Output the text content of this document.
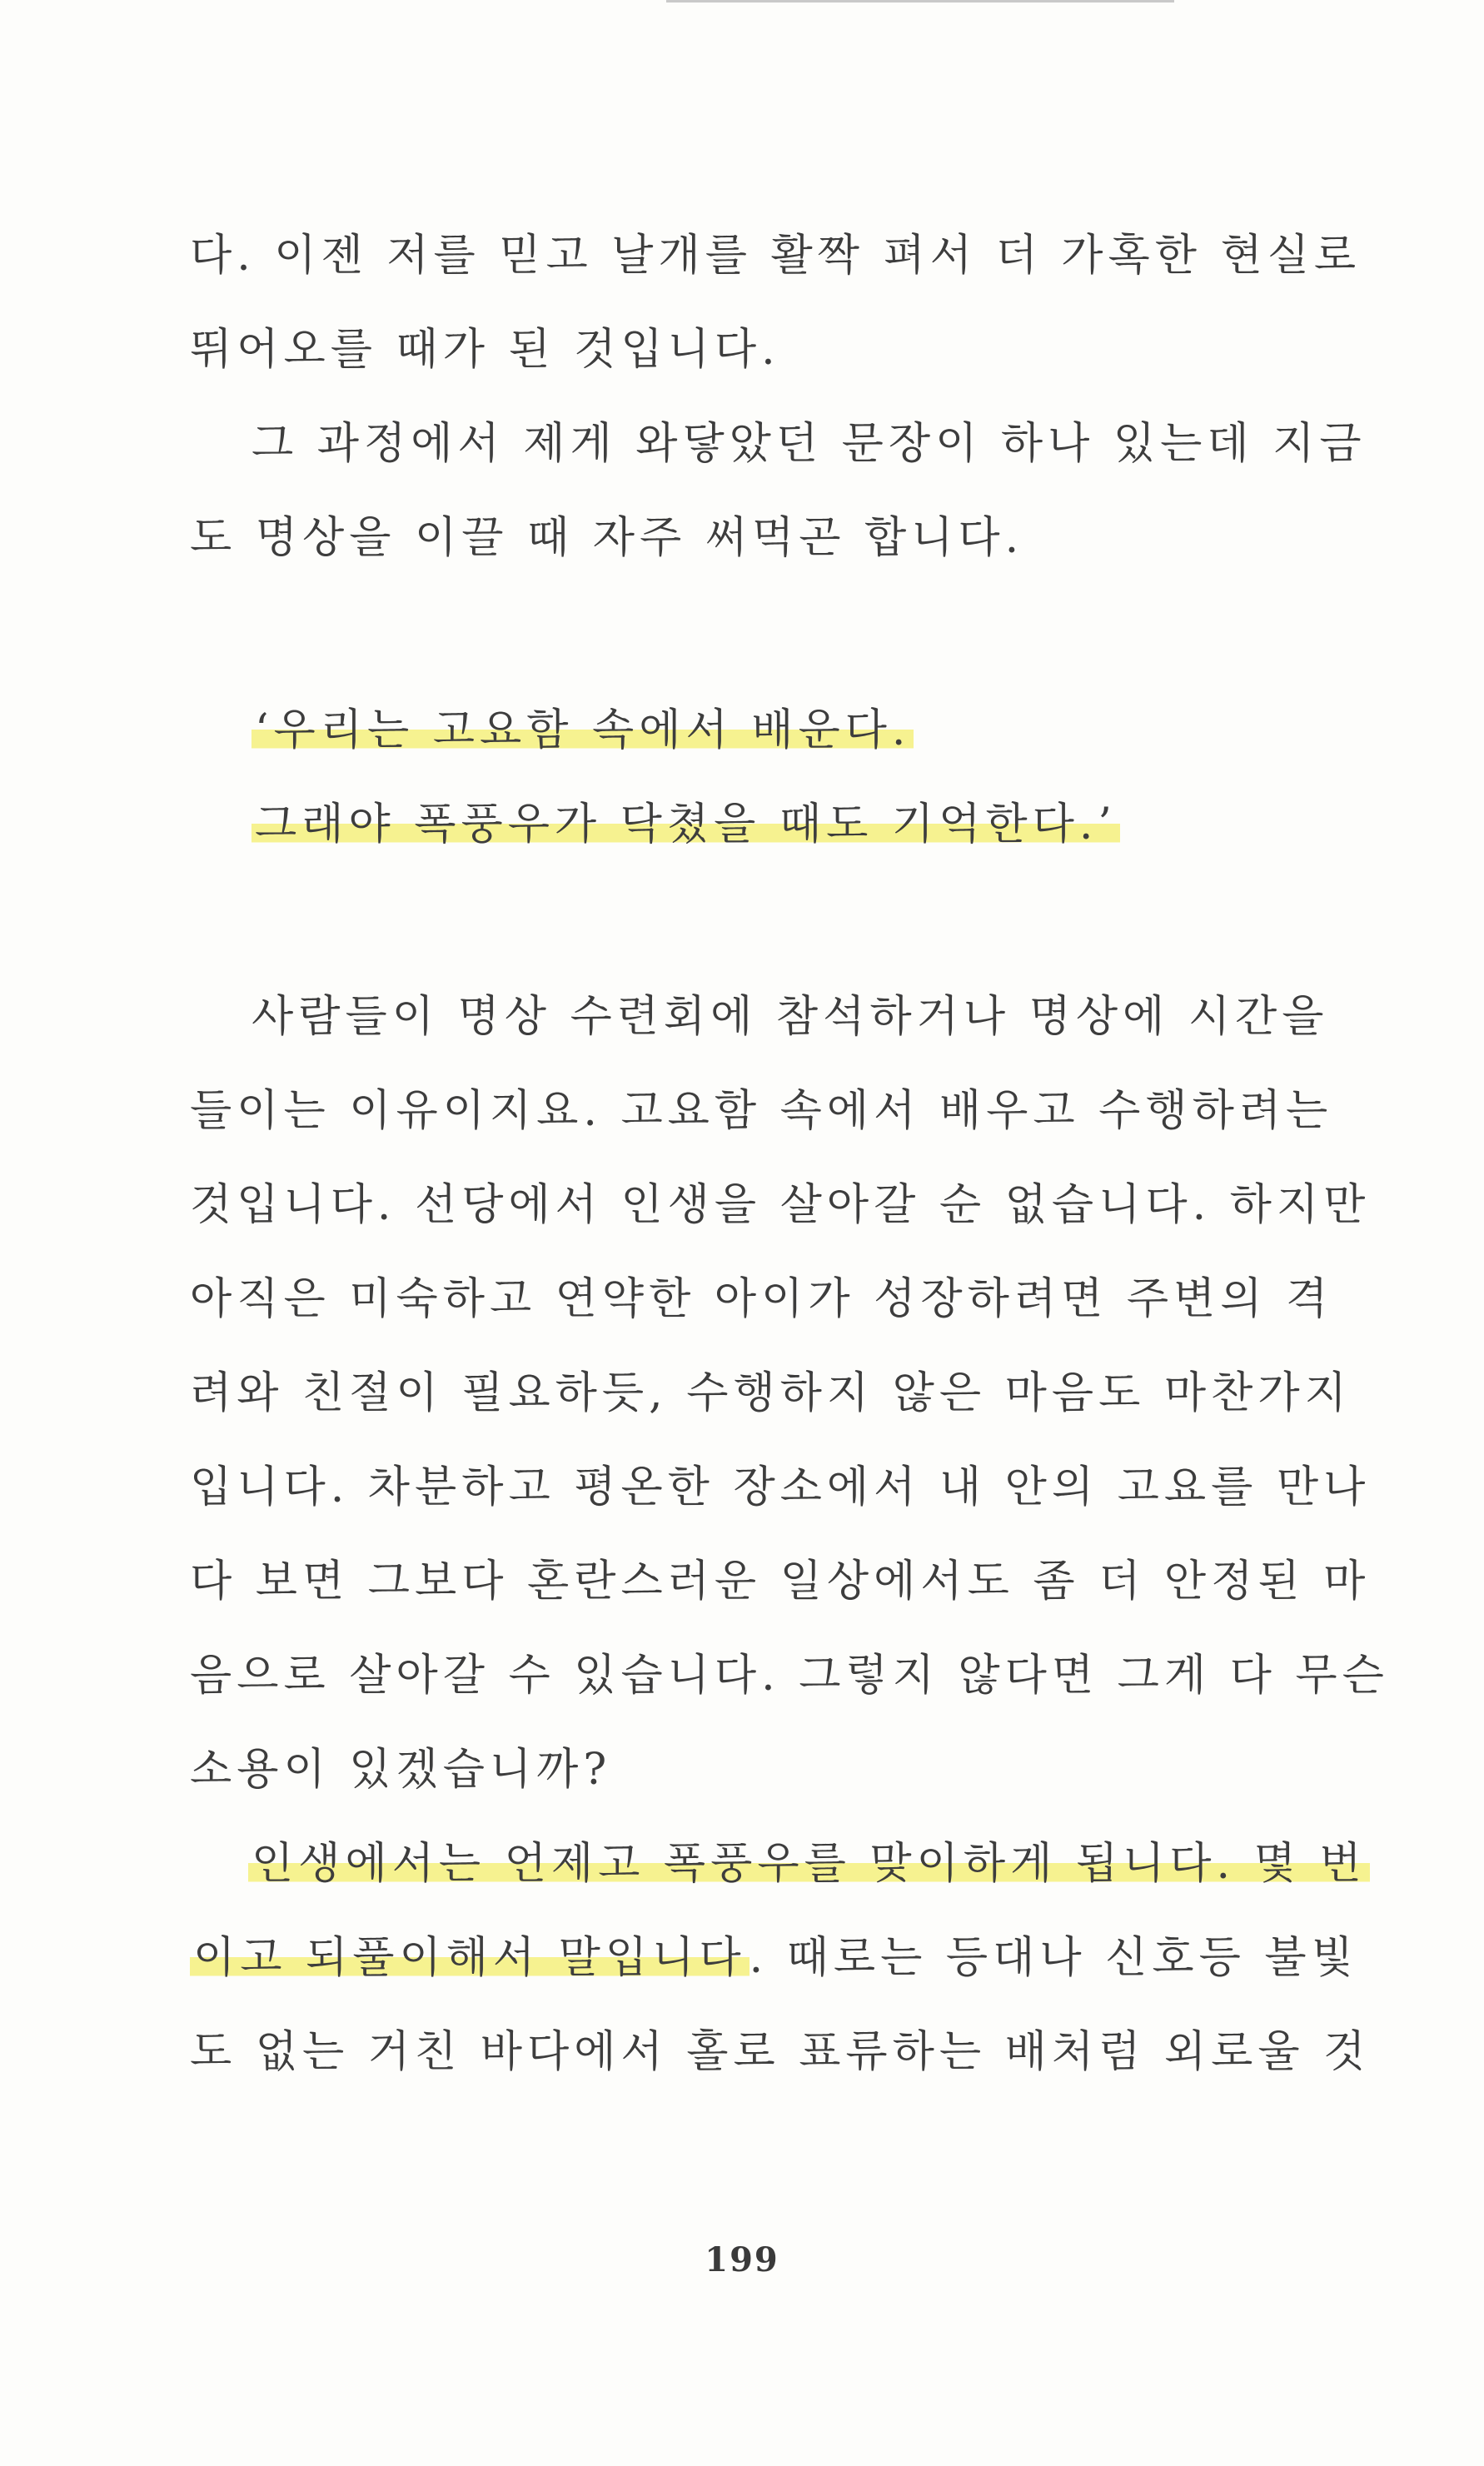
다. 이젠 저를 믿고 날개를 활짝 펴서 더 가혹한 현실로
뛰어오를 때가 된 것입니다.
그 과정에서 제게 와닿았던 문장이 하나 있는데 지금
도 명상을 이끌 때 자주 써먹곤 합니다.
‘우리는 고요함 속에서 배운다.
그래야 폭풍우가 닥쳤을 때도 기억한다.’
사람들이 명상 수련회에 참석하거나 명상에 시간을
들이는 이유이지요. 고요함 속에서 배우고 수행하려는
것입니다. 선당에서 인생을 살아갈 순 없습니다. 하지만
아직은 미숙하고 연약한 아이가 성장하려면 주변의 격
려와 친절이 필요하듯, 수행하지 않은 마음도 마찬가지
입니다. 차분하고 평온한 장소에서 내 안의 고요를 만나
다 보면 그보다 혼란스러운 일상에서도 좀 더 안정된 마
음으로 살아갈 수 있습니다. 그렇지 않다면 그게 다 무슨
소용이 있겠습니까?
인생에서는 언제고 폭풍우를 맞이하게 됩니다. 몇 번
이고 되풀이해서 말입니다. 때로는 등대나 신호등 불빛
도 없는 거친 바다에서 홀로 표류하는 배처럼 외로울 것
199
